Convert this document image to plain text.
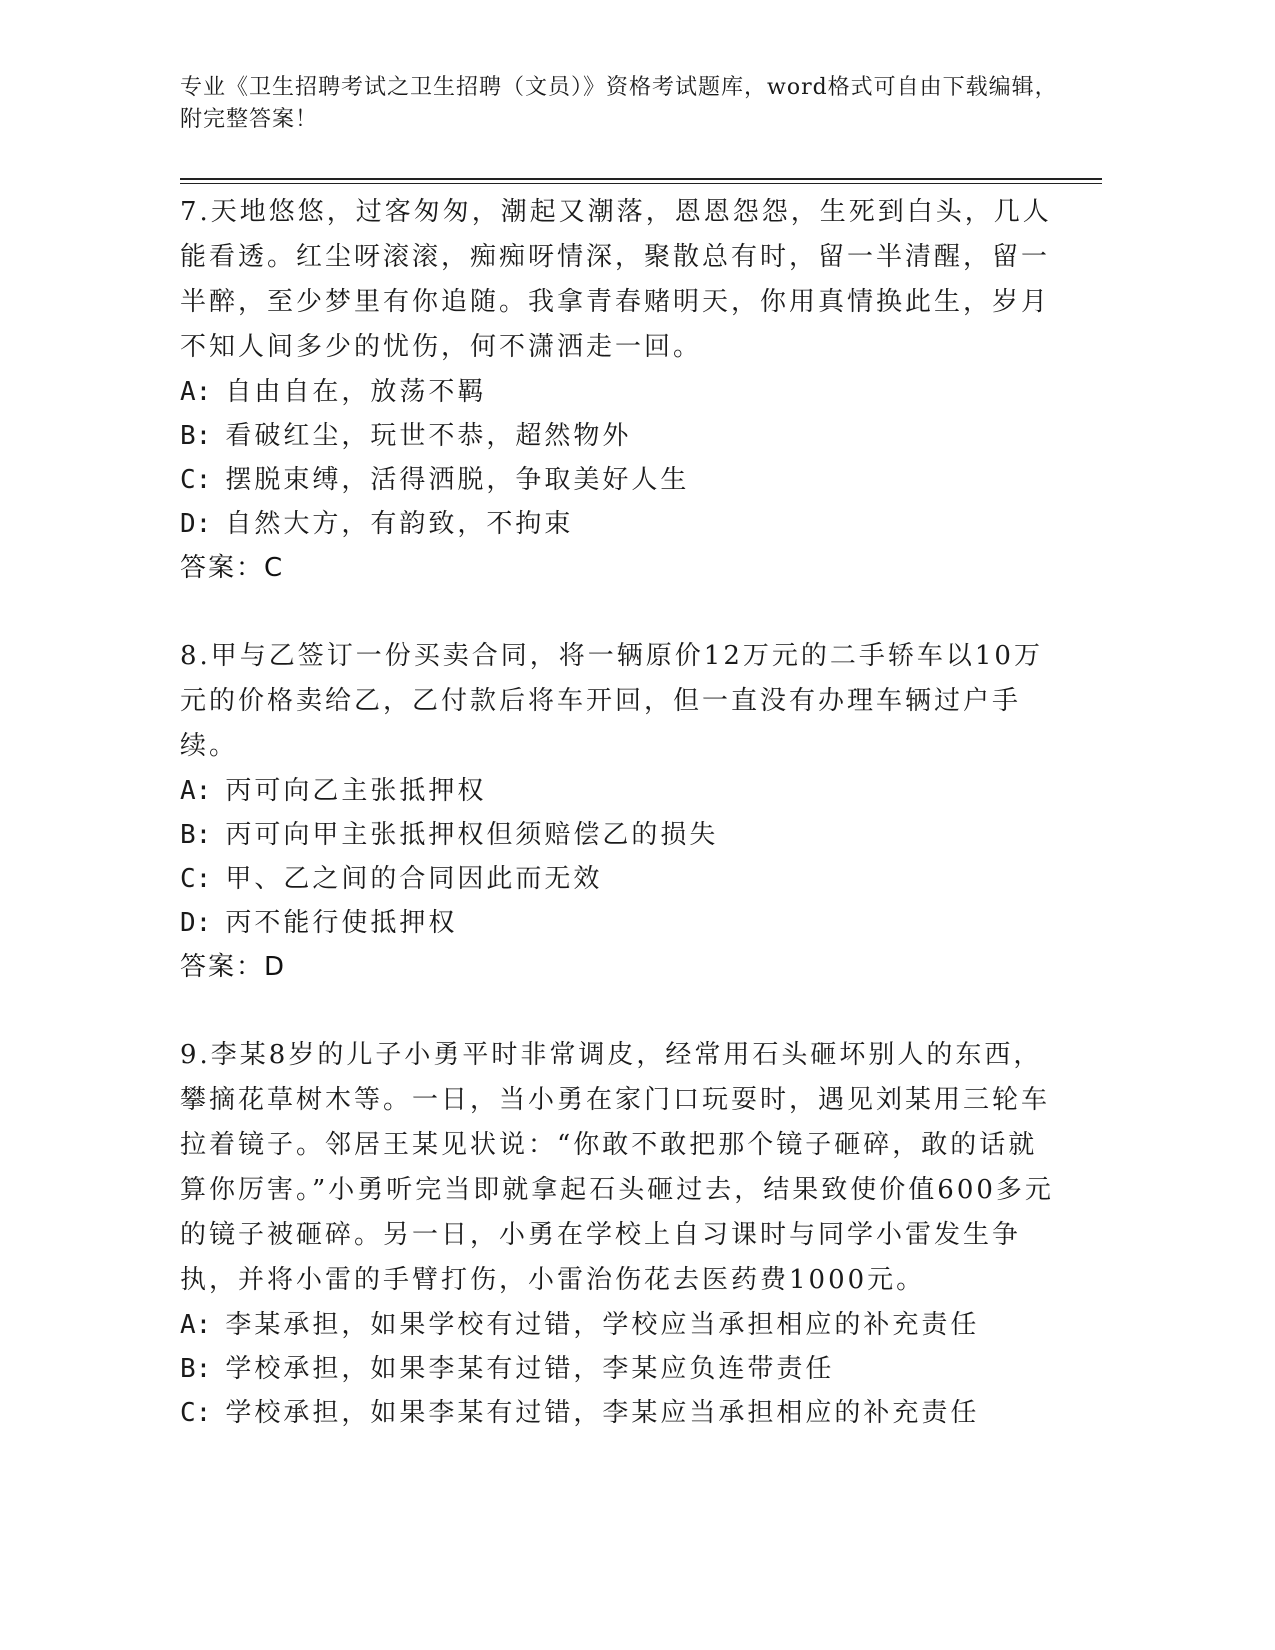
专业《卫生招聘考试之卫生招聘（文员）》资格考试题库，word格式可自由下载编辑，附完整答案！

7.天地悠悠，过客匆匆，潮起又潮落，恩恩怨怨，生死到白头，几人能看透。红尘呀滚滚，痴痴呀情深，聚散总有时，留一半清醒，留一半醉，至少梦里有你追随。我拿青春赌明天，你用真情换此生，岁月不知人间多少的忧伤，何不潇洒走一回。

A: 自由自在，放荡不羁

B: 看破红尘，玩世不恭，超然物外

C: 摆脱束缚，活得洒脱，争取美好人生

D: 自然大方，有韵致，不拘束

答案：C

8.甲与乙签订一份买卖合同，将一辆原价12万元的二手轿车以10万元的价格卖给乙，乙付款后将车开回，但一直没有办理车辆过户手续。

A: 丙可向乙主张抵押权

B: 丙可向甲主张抵押权但须赔偿乙的损失

C: 甲、乙之间的合同因此而无效

D: 丙不能行使抵押权

答案：D

9.李某8岁的儿子小勇平时非常调皮，经常用石头砸坏别人的东西，攀摘花草树木等。一日，当小勇在家门口玩耍时，遇见刘某用三轮车拉着镜子。邻居王某见状说：“你敢不敢把那个镜子砸碎，敢的话就算你厉害。”小勇听完当即就拿起石头砸过去，结果致使价值600多元的镜子被砸碎。另一日，小勇在学校上自习课时与同学小雷发生争执，并将小雷的手臂打伤，小雷治伤花去医药费1000元。

A: 李某承担，如果学校有过错，学校应当承担相应的补充责任

B: 学校承担，如果李某有过错，李某应负连带责任

C: 学校承担，如果李某有过错，李某应当承担相应的补充责任
